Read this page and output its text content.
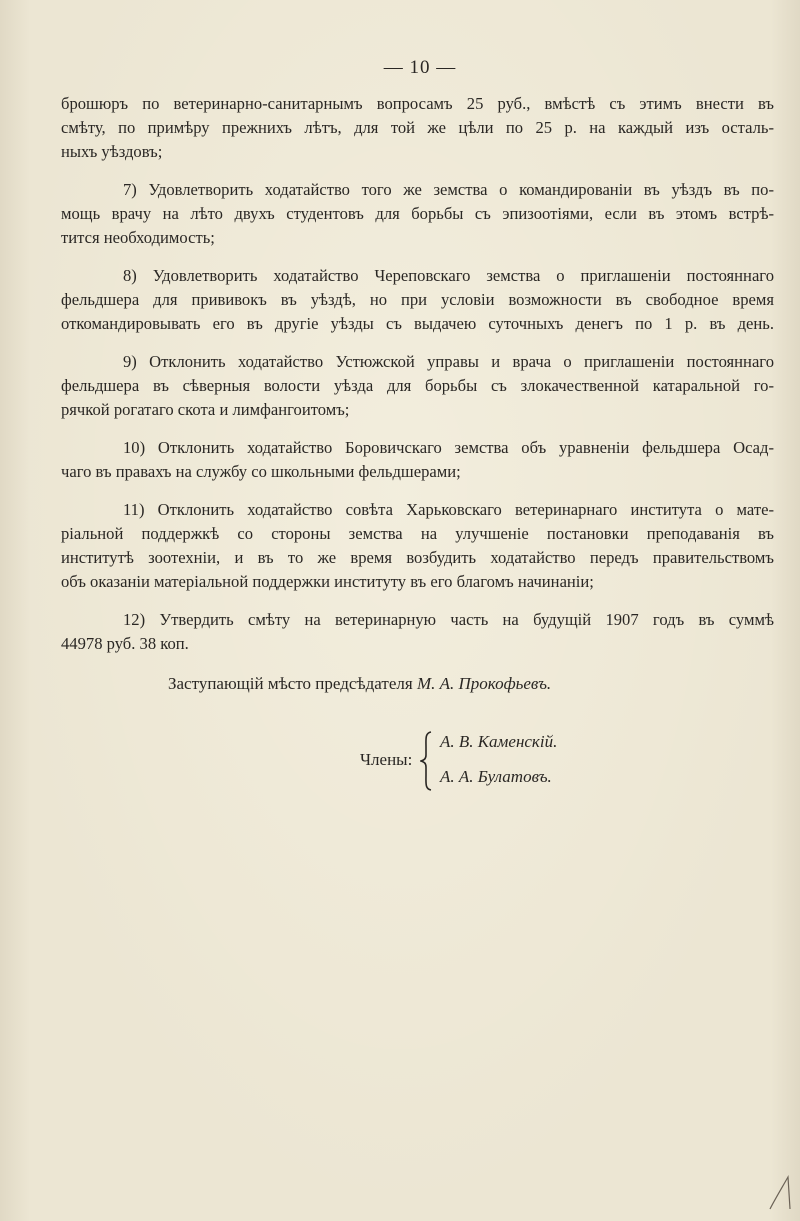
— 10 —

брошюръ по ветеринарно-санитарнымъ вопросамъ 25 руб., вмѣстѣ съ этимъ внести въ
смѣту, по примѣру прежнихъ лѣтъ, для той же цѣли по 25 р. на каждый изъ осталь-
ныхъ уѣздовъ;

7) Удовлетворить ходатайство того же земства о командированіи въ уѣздъ въ по-
мощь врачу на лѣто двухъ студентовъ для борьбы съ эпизоотіями, если въ этомъ встрѣ-
тится необходимость;

8) Удовлетворить ходатайство Череповскаго земства о приглашеніи постояннаго
фельдшера для прививокъ въ уѣздѣ, но при условіи возможности въ свободное время
откомандировывать его въ другіе уѣзды съ выдачею суточныхъ денегъ по 1 р. въ день.

9) Отклонить ходатайство Устюжской управы и врача о приглашеніи постояннаго
фельдшера въ сѣверныя волости уѣзда для борьбы съ злокачественной катаральной го-
рячкой рогатаго скота и лимфангоитомъ;

10) Отклонить ходатайство Боровичскаго земства объ уравненіи фельдшера Осад-
чаго въ правахъ на службу со школьными фельдшерами;

11) Отклонить ходатайство совѣта Харьковскаго ветеринарнаго института о мате-
ріальной поддержкѣ со стороны земства на улучшеніе постановки преподаванія въ
институтѣ зоотехніи, и въ то же время возбудить ходатайство передъ правительствомъ
объ оказаніи матеріальной поддержки институту въ его благомъ начинаніи;

12) Утвердить смѣту на ветеринарную часть на будущій 1907 годъ въ суммѣ
44978 руб. 38 коп.

Заступающій мѣсто предсѣдателя М. А. Прокофьевъ.
Члены:
А. В. Каменскій.
А. А. Булатовъ.
